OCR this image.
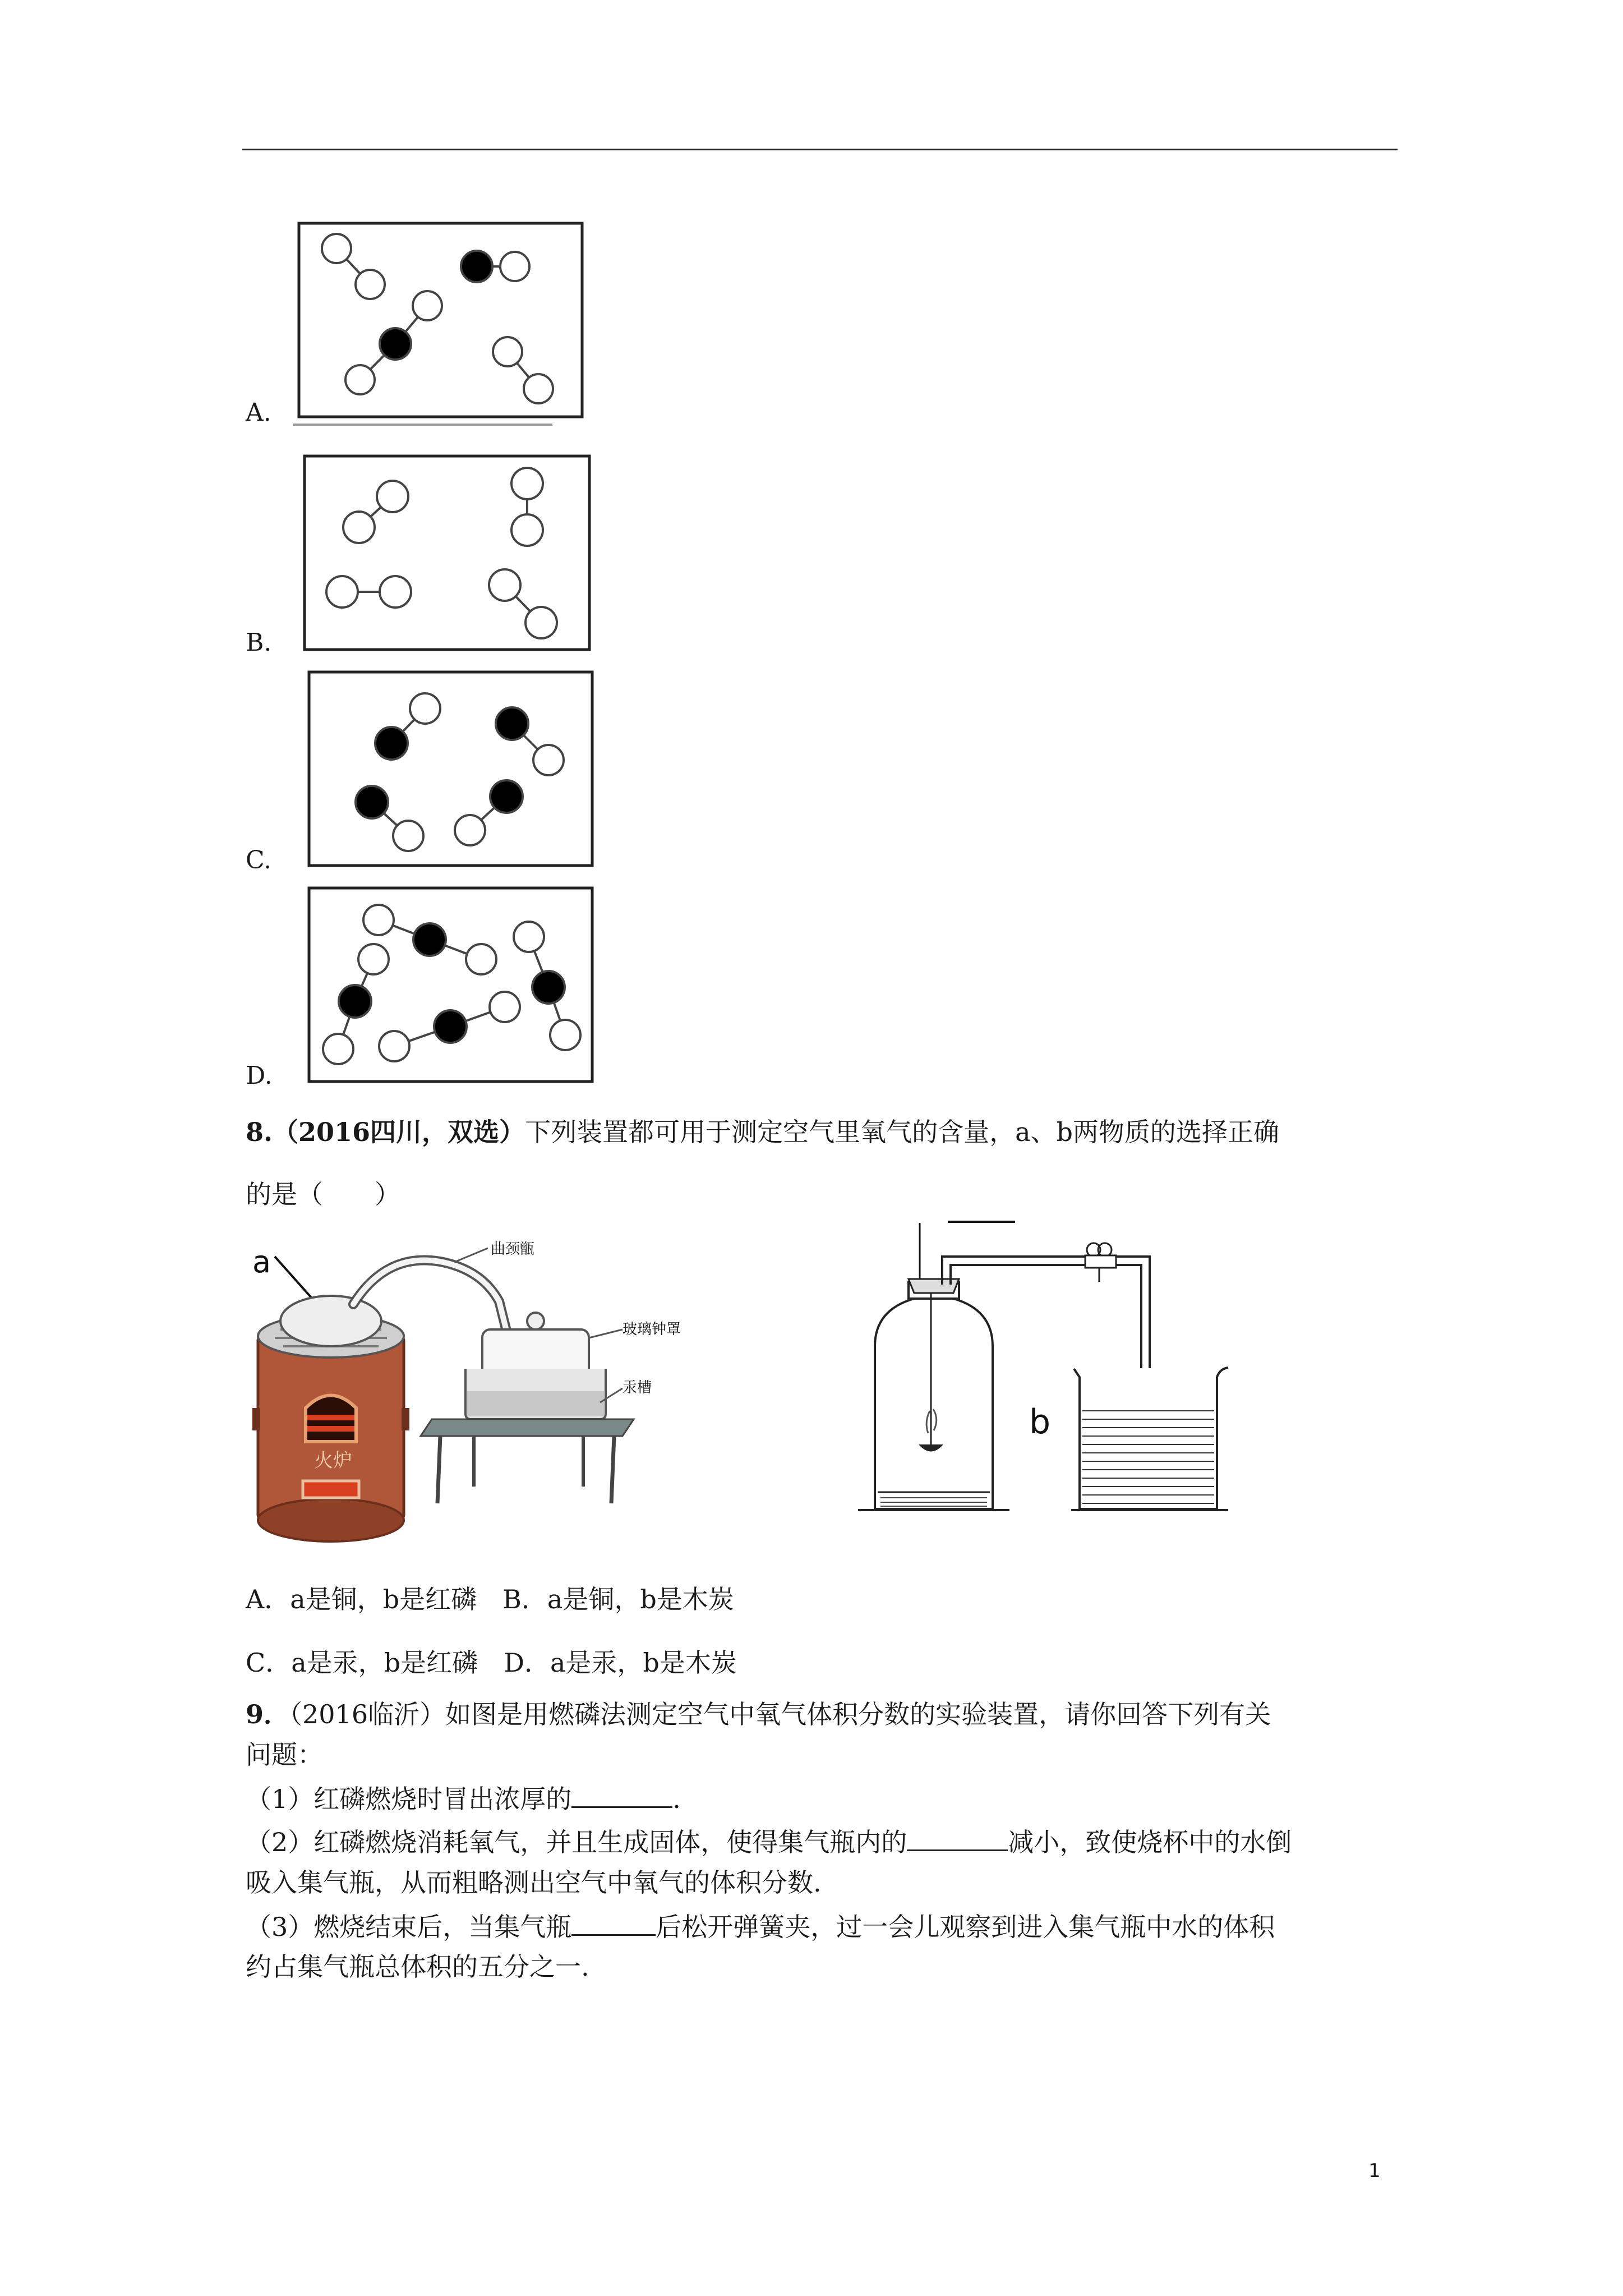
A.
B.
C.
D.
8.（2016四川，双选）下列装置都可用于测定空气里氧气的含量，a、b两物质的选择正确
的是（　　）
a
火炉
曲颈甑
玻璃钟罩
汞槽
b
A．a是铜，b是红磷　B．a是铜，b是木炭
C．a是汞，b是红磷　D．a是汞，b是木炭
9．（2016临沂）如图是用燃磷法测定空气中氧气体积分数的实验装置，请你回答下列有关
问题：
（1）红磷燃烧时冒出浓厚的	.
（2）红磷燃烧消耗氧气，并且生成固体，使得集气瓶内的	减小，致使烧杯中的水倒
吸入集气瓶，从而粗略测出空气中氧气的体积分数.
（3）燃烧结束后，当集气瓶	后松开弹簧夹，过一会儿观察到进入集气瓶中水的体积
约占集气瓶总体积的五分之一.
1
